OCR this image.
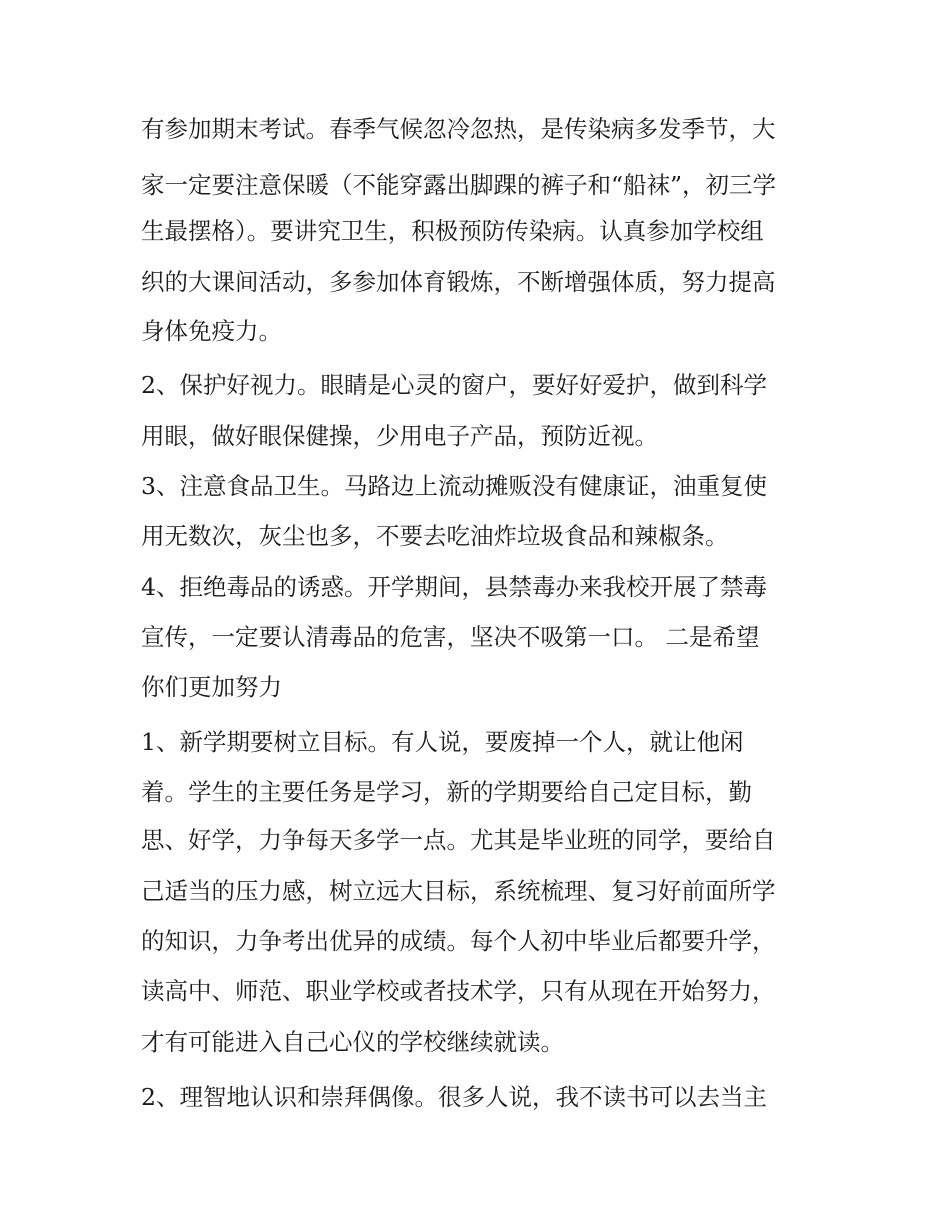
有参加期末考试。春季气候忽冷忽热，是传染病多发季节，大
家一定要注意保暖（不能穿露出脚踝的裤子和“船袜”，初三学
生最摆格）。要讲究卫生，积极预防传染病。认真参加学校组
织的大课间活动，多参加体育锻炼，不断增强体质，努力提高
身体免疫力。
2、保护好视力。眼睛是心灵的窗户，要好好爱护，做到科学
用眼，做好眼保健操，少用电子产品，预防近视。
3、注意食品卫生。马路边上流动摊贩没有健康证，油重复使
用无数次，灰尘也多，不要去吃油炸垃圾食品和辣椒条。
4、拒绝毒品的诱惑。开学期间，县禁毒办来我校开展了禁毒
宣传，一定要认清毒品的危害，坚决不吸第一口。 二是希望
你们更加努力
1、新学期要树立目标。有人说，要废掉一个人，就让他闲
着。学生的主要任务是学习，新的学期要给自己定目标，勤
思、好学，力争每天多学一点。尤其是毕业班的同学，要给自
己适当的压力感，树立远大目标，系统梳理、复习好前面所学
的知识，力争考出优异的成绩。每个人初中毕业后都要升学，
读高中、师范、职业学校或者技术学，只有从现在开始努力，
才有可能进入自己心仪的学校继续就读。
2、理智地认识和崇拜偶像。很多人说，我不读书可以去当主
